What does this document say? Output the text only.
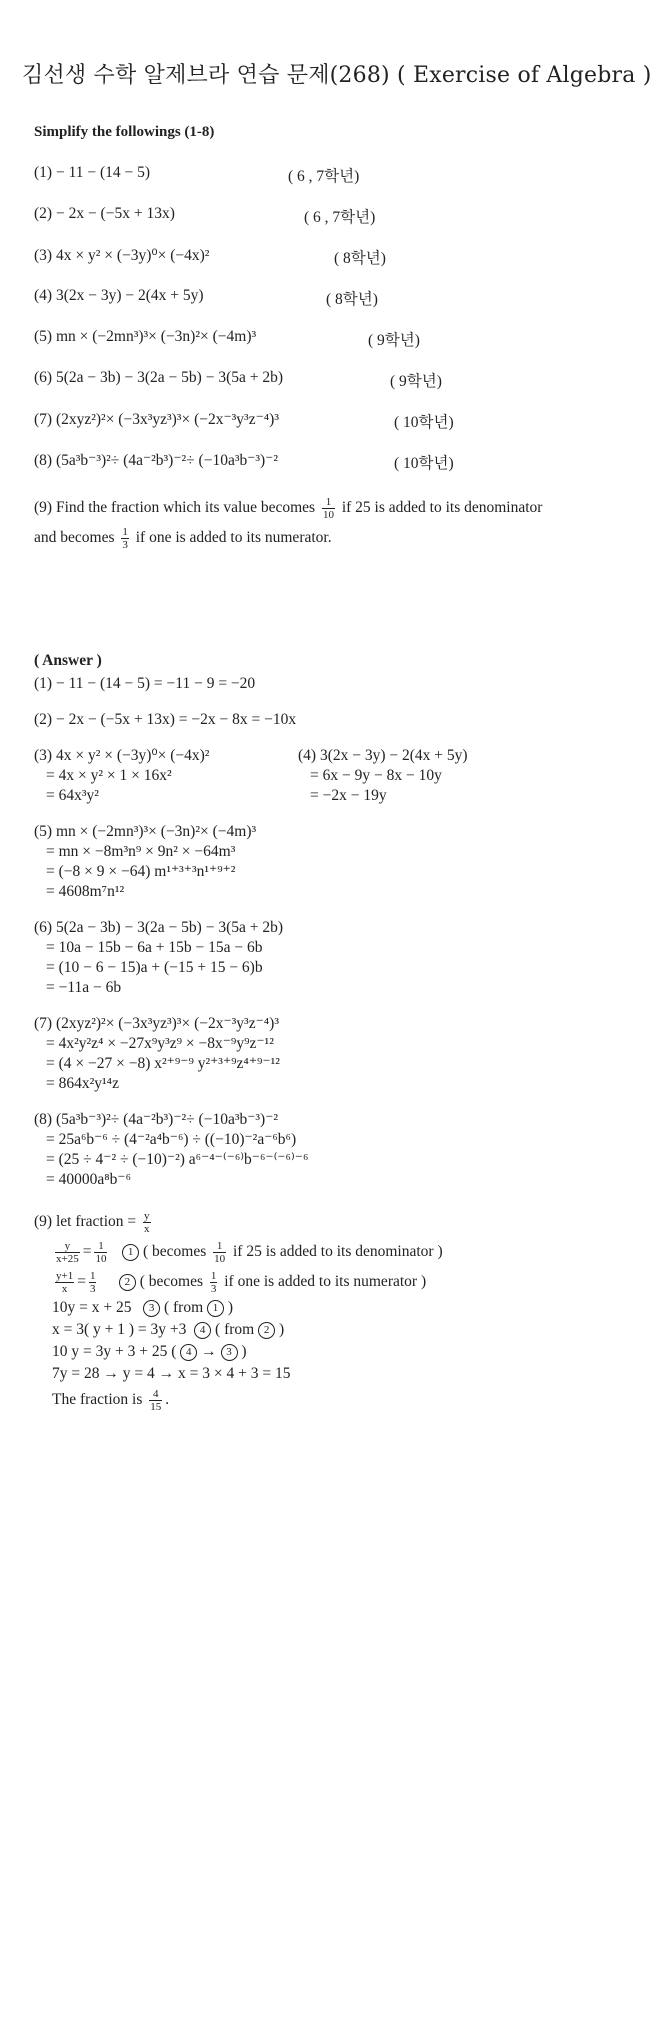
김선생 수학 알제브라 연습 문제(268) ( Exercise of Algebra )
Simplify the followings (1-8)
(1) − 11 − (14 − 5)	( 6 , 7학년)
(2) − 2x − (−5x + 13x)	( 6 , 7학년)
(3) 4x × y² × (−3y)⁰× (−4x)²	( 8학년)
(4) 3(2x − 3y) − 2(4x + 5y)	( 8학년)
(5) mn × (−2mn³)³× (−3n)²× (−4m)³	( 9학년)
(6) 5(2a − 3b) − 3(2a − 5b) − 3(5a + 2b)	( 9학년)
(7) (2xyz²)²× (−3x³yz³)³× (−2x⁻³y³z⁻⁴)³	( 10학년)
(8) (5a³b⁻³)²÷ (4a⁻²b³)⁻²÷ (−10a³b⁻³)⁻²	( 10학년)
(9) Find the fraction which its value becomes $\frac{1}{10}$ if 25 is added to its denominator
and becomes $\frac{1}{3}$ if one is added to its numerator.
( Answer )
(1) − 11 − (14 − 5) = −11 − 9 = −20
(2) − 2x − (−5x + 13x) = −2x − 8x = −10x
(3) 4x × y² × (−3y)⁰× (−4x)²
= 4x × y² × 1 × 16x²
= 64x³y²
(4) 3(2x − 3y) − 2(4x + 5y)
= 6x − 9y − 8x − 10y
= −2x − 19y
(5) mn × (−2mn³)³× (−3n)²× (−4m)³
= mn × −8m³n⁹ × 9n² × −64m³
= (−8 × 9 × −64) m¹⁺³⁺³n¹⁺⁹⁺²
= 4608m⁷n¹²
(6) 5(2a − 3b) − 3(2a − 5b) − 3(5a + 2b)
= 10a − 15b − 6a + 15b − 15a − 6b
= (10 − 6 − 15)a + (−15 + 15 − 6)b
= −11a − 6b
(7) (2xyz²)²× (−3x³yz³)³× (−2x⁻³y³z⁻⁴)³
= 4x²y²z⁴ × −27x⁹y³z⁹ × −8x⁻⁹y⁹z⁻¹²
= (4 × −27 × −8) x²⁺⁹⁻⁹ y²⁺³⁺⁹z⁴⁺⁹⁻¹²
= 864x²y¹⁴z
(8) (5a³b⁻³)²÷ (4a⁻²b³)⁻²÷ (−10a³b⁻³)⁻²
= 25a⁶b⁻⁶ ÷ (4⁻²a⁴b⁻⁶) ÷ ((−10)⁻²a⁻⁶b⁶)
= (25 ÷ 4⁻² ÷ (−10)⁻²) a⁶⁻⁴⁻⁽⁻⁶⁾b⁻⁶⁻⁽⁻⁶⁾⁻⁶
= 40000a⁸b⁻⁶
(9) let fraction = $\frac{y}{x}$
$\frac{y}{x+25} = \frac{1}{10} 1$ ( becomes $\frac{1}{10}$ if 25 is added to its denominator )
$\frac{y+1}{x} = \frac{1}{3}$	2 ( becomes $\frac{1}{3}$ if one is added to its numerator )
10y = x + 25 3 ( from 1 )
x = 3( y + 1 ) = 3y +3 4 ( from 2 )
10 y = 3y + 3 + 25 ( 4 → 3 )
7y = 28 → y = 4 → x = 3 × 4 + 3 = 15
The fraction is $\frac{4}{15}$ .
